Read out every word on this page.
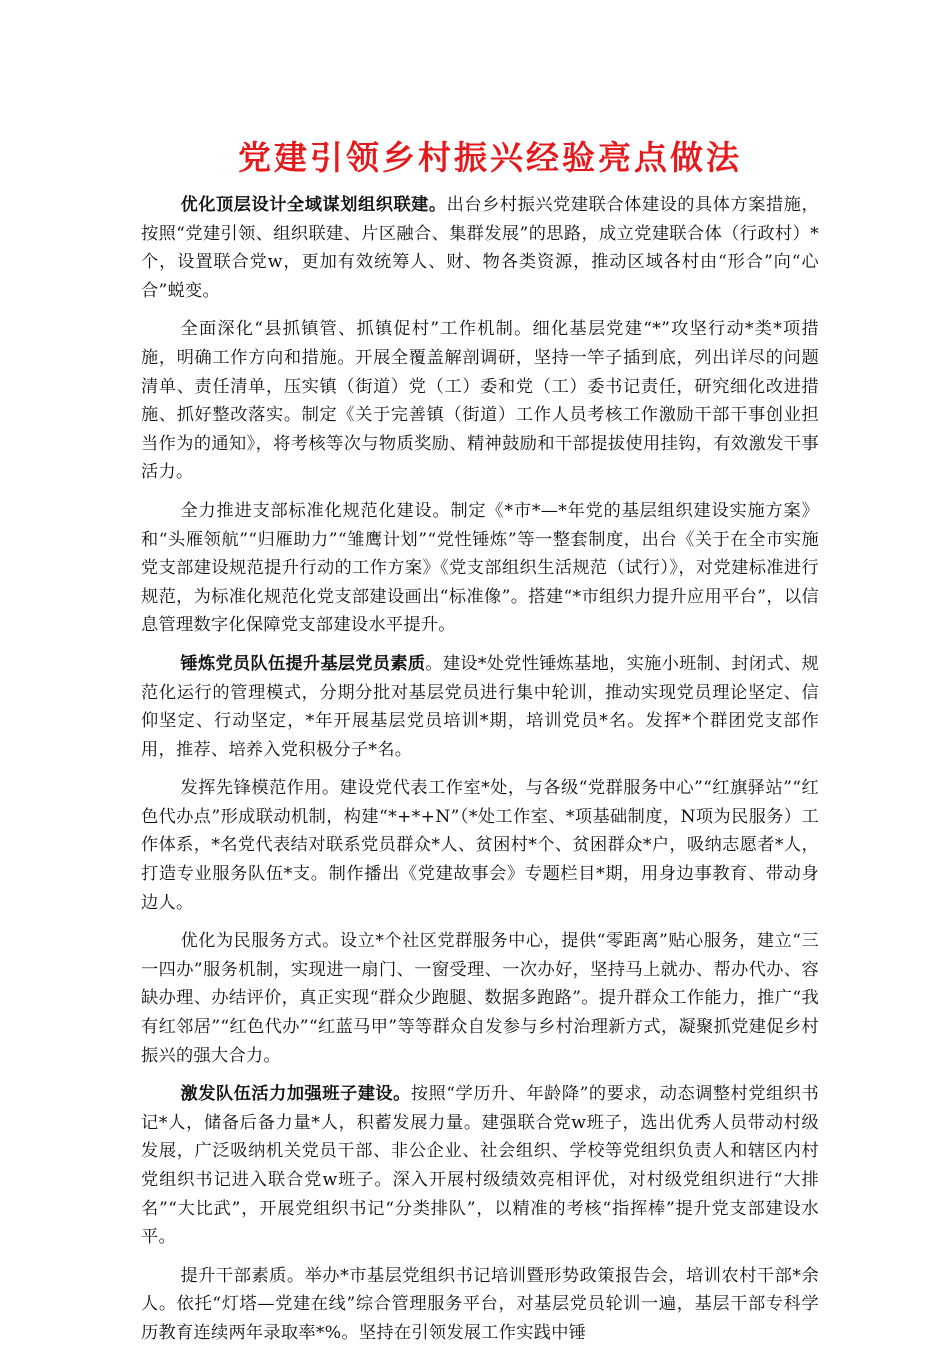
党建引领乡村振兴经验亮点做法

优化顶层设计全域谋划组织联建。出台乡村振兴党建联合体建设的具体方案措施，按照“党建引领、组织联建、片区融合、集群发展”的思路，成立党建联合体（行政村）*个，设置联合党w，更加有效统筹人、财、物各类资源，推动区域各村由“形合”向“心合”蜕变。

全面深化“县抓镇管、抓镇促村”工作机制。细化基层党建“*”攻坚行动*类*项措施，明确工作方向和措施。开展全覆盖解剖调研，坚持一竿子插到底，列出详尽的问题清单、责任清单，压实镇（街道）党（工）委和党（工）委书记责任，研究细化改进措施、抓好整改落实。制定《关于完善镇（街道）工作人员考核工作激励干部干事创业担当作为的通知》，将考核等次与物质奖励、精神鼓励和干部提拔使用挂钩，有效激发干事活力。

全力推进支部标准化规范化建设。制定《*市*—*年党的基层组织建设实施方案》和“头雁领航”“归雁助力”“雏鹰计划”“党性锤炼”等一整套制度，出台《关于在全市实施党支部建设规范提升行动的工作方案》《党支部组织生活规范（试行）》，对党建标准进行规范，为标准化规范化党支部建设画出“标准像”。搭建“*市组织力提升应用平台”，以信息管理数字化保障党支部建设水平提升。

锤炼党员队伍提升基层党员素质。建设*处党性锤炼基地，实施小班制、封闭式、规范化运行的管理模式，分期分批对基层党员进行集中轮训，推动实现党员理论坚定、信仰坚定、行动坚定，*年开展基层党员培训*期，培训党员*名。发挥*个群团党支部作用，推荐、培养入党积极分子*名。

发挥先锋模范作用。建设党代表工作室*处，与各级“党群服务中心”“红旗驿站”“红色代办点”形成联动机制，构建“*+*+N”（*处工作室、*项基础制度，N项为民服务）工作体系，*名党代表结对联系党员群众*人、贫困村*个、贫困群众*户，吸纳志愿者*人，打造专业服务队伍*支。制作播出《党建故事会》专题栏目*期，用身边事教育、带动身边人。

优化为民服务方式。设立*个社区党群服务中心，提供“零距离”贴心服务，建立“三一四办”服务机制，实现进一扇门、一窗受理、一次办好，坚持马上就办、帮办代办、容缺办理、办结评价，真正实现“群众少跑腿、数据多跑路”。提升群众工作能力，推广“我有红邻居”“红色代办”“红蓝马甲”等等群众自发参与乡村治理新方式，凝聚抓党建促乡村振兴的强大合力。

激发队伍活力加强班子建设。按照“学历升、年龄降”的要求，动态调整村党组织书记*人，储备后备力量*人，积蓄发展力量。建强联合党w班子，选出优秀人员带动村级发展，广泛吸纳机关党员干部、非公企业、社会组织、学校等党组织负责人和辖区内村党组织书记进入联合党w班子。深入开展村级绩效亮相评优，对村级党组织进行“大排名”“大比武”，开展党组织书记“分类排队”，以精准的考核“指挥棒”提升党支部建设水平。

提升干部素质。举办*市基层党组织书记培训暨形势政策报告会，培训农村干部*余人。依托“灯塔—党建在线”综合管理服务平台，对基层党员轮训一遍，基层干部专科学历教育连续两年录取率*%。坚持在引领发展工作实践中锤
